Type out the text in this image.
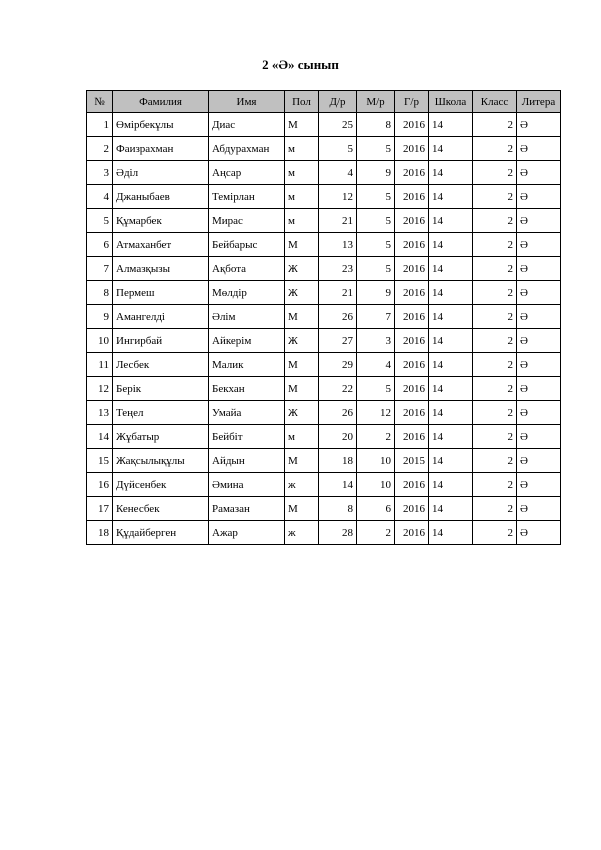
2 «Ә» сынып
№	Фамилия	Имя	Пол	Д/р	М/р	Г/р	Школа	Класс	Литера
1	Өмірбекұлы	Диас	М	25	8	2016	14	2	Ә
2	Фаизрахман	Абдурахман	м	5	5	2016	14	2	Ә
3	Әділ	Аңсар	м	4	9	2016	14	2	Ә
4	Джаныбаев	Темірлан	м	12	5	2016	14	2	Ә
5	Құмарбек	Мирас	м	21	5	2016	14	2	Ә
6	Атмаханбет	Бейбарыс	М	13	5	2016	14	2	Ә
7	Алмазқызы	Ақбота	Ж	23	5	2016	14	2	Ә
8	Пермеш	Мөлдір	Ж	21	9	2016	14	2	Ә
9	Амангелді	Әлім	М	26	7	2016	14	2	Ә
10	Ингирбай	Айкерім	Ж	27	3	2016	14	2	Ә
11	Лесбек	Малик	М	29	4	2016	14	2	Ә
12	Берік	Бекхан	М	22	5	2016	14	2	Ә
13	Теңел	Умайа	Ж	26	12	2016	14	2	Ә
14	Жұбатыр	Бейбіт	м	20	2	2016	14	2	Ә
15	Жақсылықұлы	Айдын	М	18	10	2015	14	2	Ә
16	Дүйсенбек	Әмина	ж	14	10	2016	14	2	Ә
17	Кенесбек	Рамазан	М	8	6	2016	14	2	Ә
18	Құдайберген	Ажар	ж	28	2	2016	14	2	Ә
